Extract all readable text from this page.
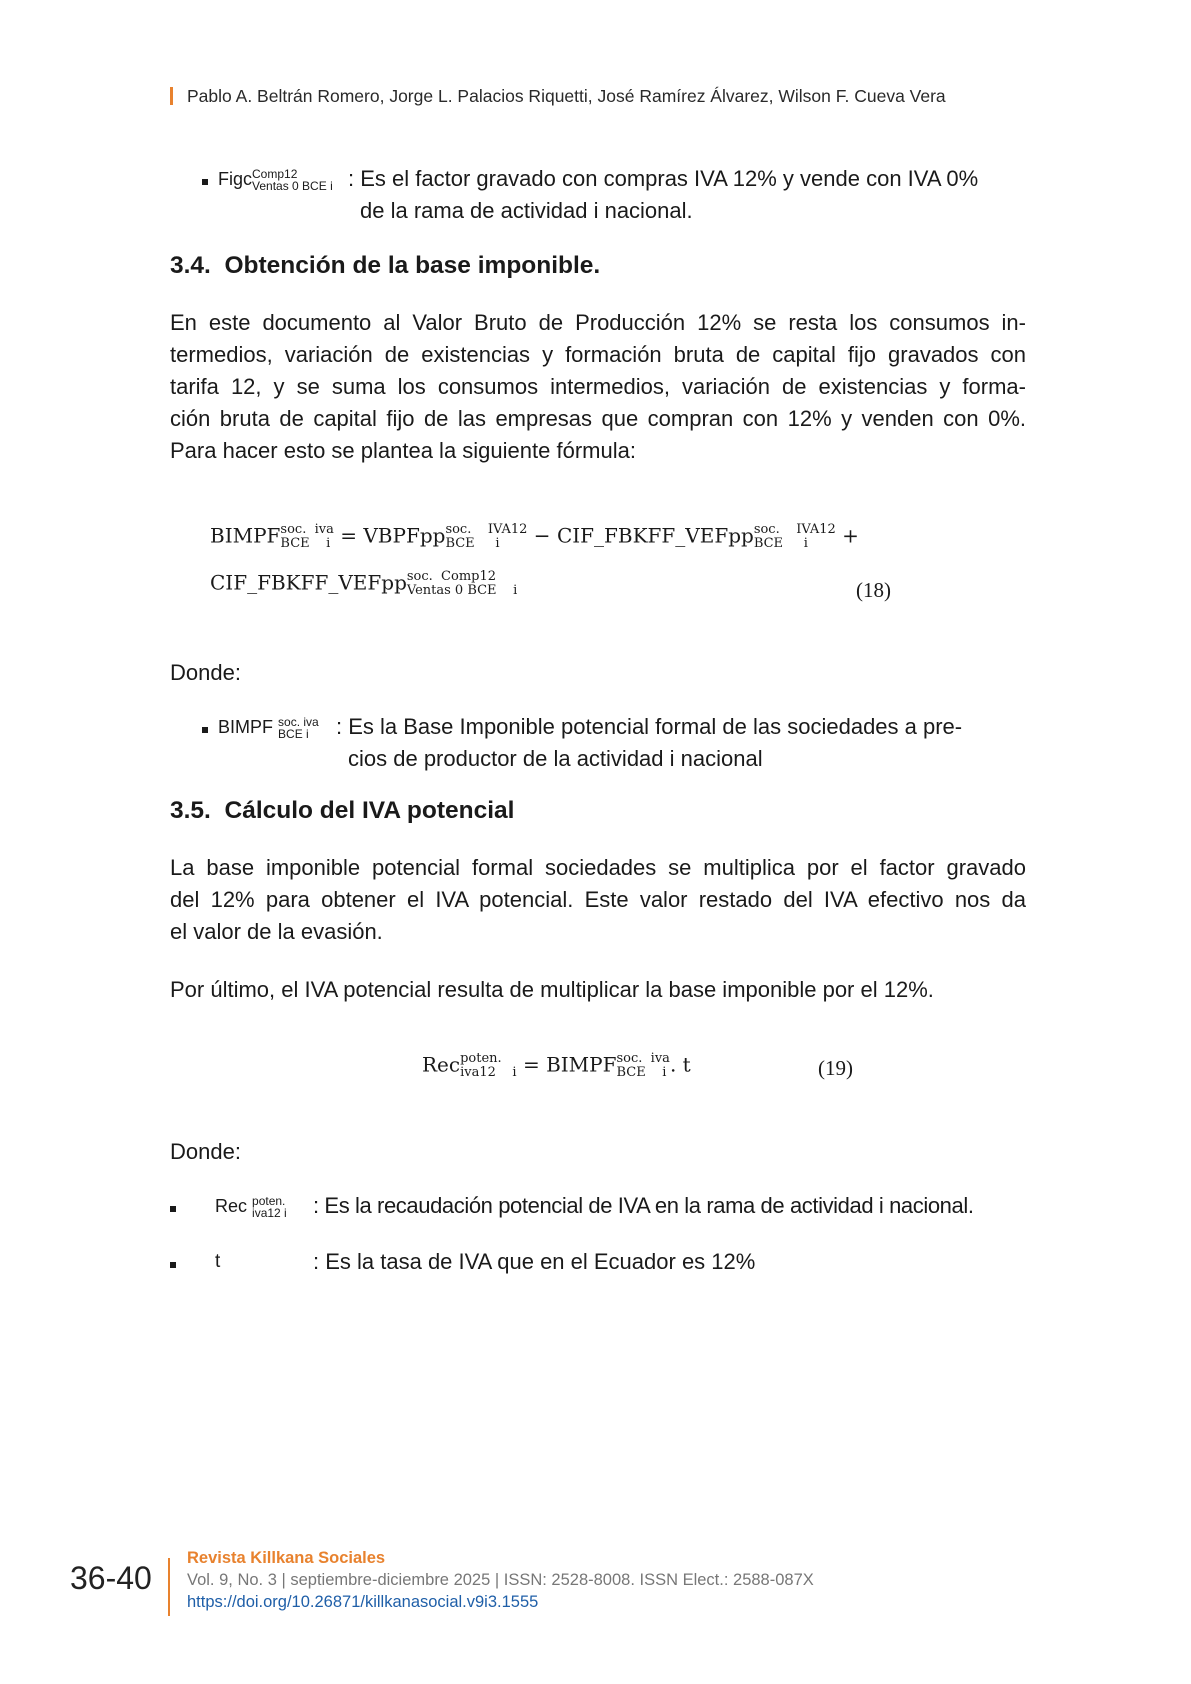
Pablo A. Beltrán Romero, Jorge L. Palacios Riquetti, José Ramírez Álvarez, Wilson F. Cueva Vera
Figc Comp12
Ventas 0 BCE i : Es el factor gravado con compras IVA 12% y vende con IVA 0%
de la rama de actividad i nacional.
3.4. Obtención de la base imponible.
En este documento al Valor Bruto de Producción 12% se resta los consumos in-
termedios, variación de existencias y formación bruta de capital fijo gravados con
tarifa 12, y se suma los consumos intermedios, variación de existencias y forma-
ción bruta de capital fijo de las empresas que compran con 12% y venden con 0%.
Para hacer esto se plantea la siguiente fórmula:
BIMPF soc.  iva
BCE    i = VBPFpp soc.    IVA12
BCE     i	− CIF_FBKFF_VEFpp soc.    IVA12
BCE     i	+
CIF_FBKFF_VEFpp soc.  Comp12
Ventas 0 BCE    i	(18)
Donde:
BIMPF soc. iva
BCE i	: Es la Base Imponible potencial formal de las sociedades a pre-
cios de productor de la actividad i nacional
3.5. Cálculo del IVA potencial
La base imponible potencial formal sociedades se multiplica por el factor gravado
del 12% para obtener el IVA potencial. Este valor restado del IVA efectivo nos da
el valor de la evasión.
Por último, el IVA potencial resulta de multiplicar la base imponible por el 12%.
Rec poten.
iva12    i = BIMPF soc.  iva
BCE    i . t	(19)
Donde:
Rec poten.
iva12 i : Es la recaudación potencial de IVA en la rama de actividad i nacional.
t	: Es la tasa de IVA que en el Ecuador es 12%
36-40
Revista Killkana Sociales
Vol. 9, No. 3 | septiembre-diciembre 2025 | ISSN: 2528-8008. ISSN Elect.: 2588-087X
https://doi.org/10.26871/killkanasocial.v9i3.1555
